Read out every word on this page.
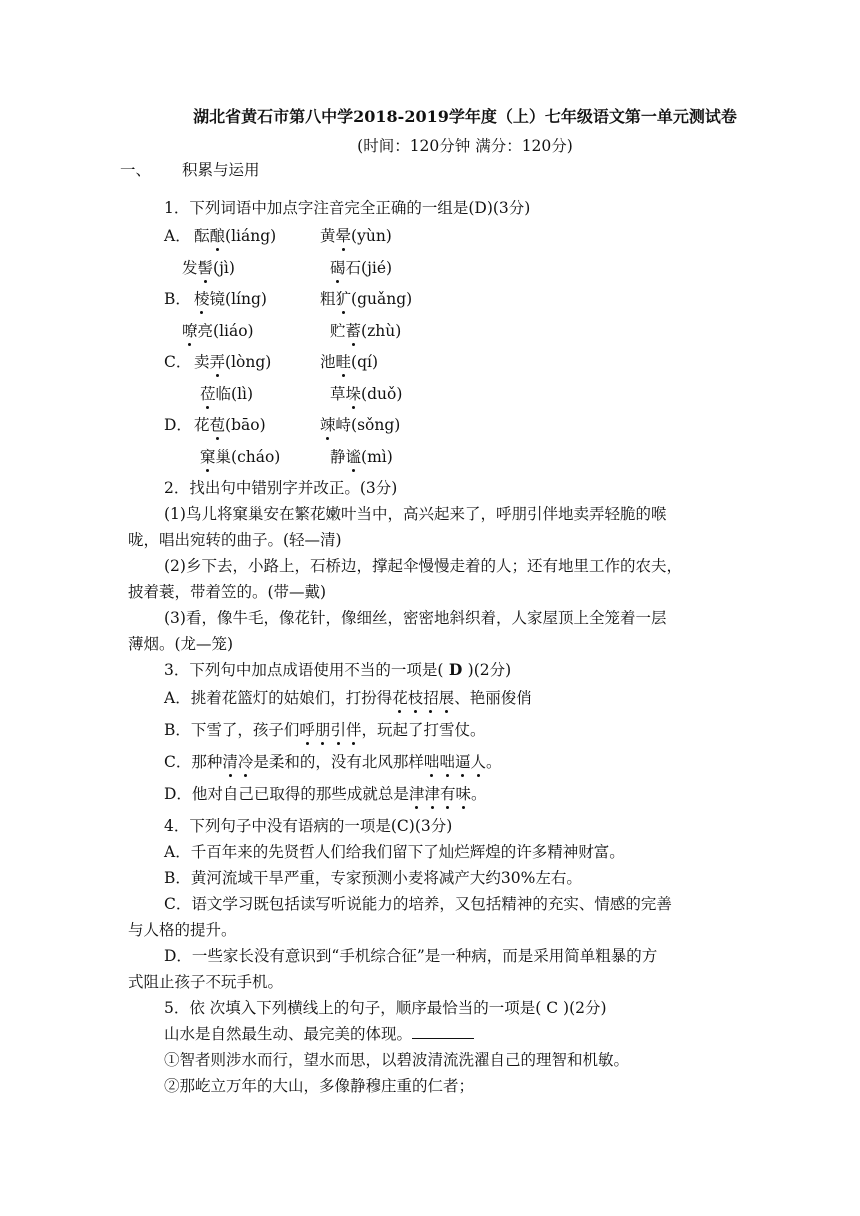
湖北省黄石市第八中学2018-2019学年度（上）七年级语文第一单元测试卷
(时间：120分钟 满分：120分)
一、 积累与运用
1．下列词语中加点字注音完全正确的一组是(D)(3分)
A． 酝酿(liáng)	黄晕(yùn)
发髻(jì)	碣石(jié)
B． 棱镜(líng)	粗犷(guǎng)
嘹亮(liáo)	贮蓄(zhù)
C． 卖弄(lòng)	池畦(qí)
莅临(lì)	草垛(duǒ)
D． 花苞(bāo)	竦峙(sǒng)
窠巢(cháo)	静谧(mì)
2．找出句中错别字并改正。(3分)
(1)鸟儿将窠巢安在繁花嫩叶当中，高兴起来了，呼朋引伴地卖弄轻脆的喉
咙，唱出宛转的曲子。(轻—清)
(2)乡下去，小路上，石桥边，撑起伞慢慢走着的人；还有地里工作的农夫，
披着蓑，带着笠的。(带—戴)
(3)看，像牛毛，像花针，像细丝，密密地斜织着，人家屋顶上全笼着一层
薄烟。(龙—笼)
3．下列句中加点成语使用不当的一项是( D )(2分)
A．挑着花篮灯的姑娘们，打扮得花枝招展、艳丽俊俏
B．下雪了，孩子们呼朋引伴，玩起了打雪仗。
C．那种清冷是柔和的，没有北风那样咄咄逼人。
D．他对自己已取得的那些成就总是津津有味。
4．下列句子中没有语病的一项是(C)(3分)
A．千百年来的先贤哲人们给我们留下了灿烂辉煌的许多精神财富。
B．黄河流域干旱严重，专家预测小麦将减产大约30%左右。
C．语文学习既包括读写听说能力的培养，又包括精神的充实、情感的完善
与人格的提升。
D．一些家长没有意识到“手机综合征”是一种病，而是采用简单粗暴的方
式阻止孩子不玩手机。
5．依 次填入下列横线上的句子，顺序最恰当的一项是( C )(2分)
山水是自然最生动、最完美的体现。
①智者则涉水而行，望水而思，以碧波清流洗濯自己的理智和机敏。
②那屹立万年的大山，多像静穆庄重的仁者；
